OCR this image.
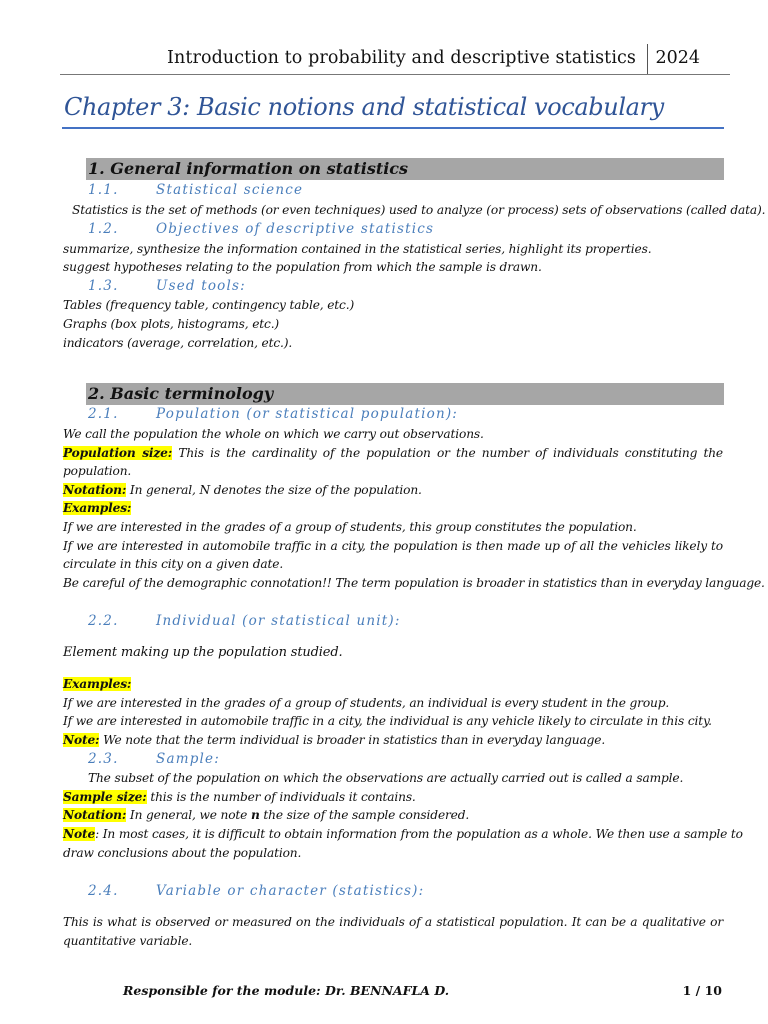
Introduction to probability and descriptive statistics 2024
Chapter 3: Basic notions and statistical vocabulary
1. General information on statistics
1.1.	Statistical science
Statistics is the set of methods (or even techniques) used to analyze (or process) sets of observations (called data).
1.2.	Objectives of descriptive statistics
summarize, synthesize the information contained in the statistical series, highlight its properties.
suggest hypotheses relating to the population from which the sample is drawn.
1.3.	Used tools:
Tables (frequency table, contingency table, etc.)
Graphs (box plots, histograms, etc.)
indicators (average, correlation, etc.).
2. Basic terminology
2.1.	Population (or statistical population):
We call the population the whole on which we carry out observations.
Population size: This is the cardinality of the population or the number of individuals constituting the
population.
Notation: In general, N denotes the size of the population.
Examples:
If we are interested in the grades of a group of students, this group constitutes the population.
If we are interested in automobile traffic in a city, the population is then made up of all the vehicles likely to
circulate in this city on a given date.
Be careful of the demographic connotation!! The term population is broader in statistics than in everyday language.
2.2.	Individual (or statistical unit):
Element making up the population studied.
Examples:
If we are interested in the grades of a group of students, an individual is every student in the group.
If we are interested in automobile traffic in a city, the individual is any vehicle likely to circulate in this city.
Note: We note that the term individual is broader in statistics than in everyday language.
2.3.	Sample:
The subset of the population on which the observations are actually carried out is called a sample.
Sample size: this is the number of individuals it contains.
Notation: In general, we note n the size of the sample considered.
Note: In most cases, it is difficult to obtain information from the population as a whole. We then use a sample to
draw conclusions about the population.
2.4.	Variable or character (statistics):
This is what is observed or measured on the individuals of a statistical population. It can be a qualitative or
quantitative variable.
Responsible for the module: Dr. BENNAFLA D.	1 / 10
